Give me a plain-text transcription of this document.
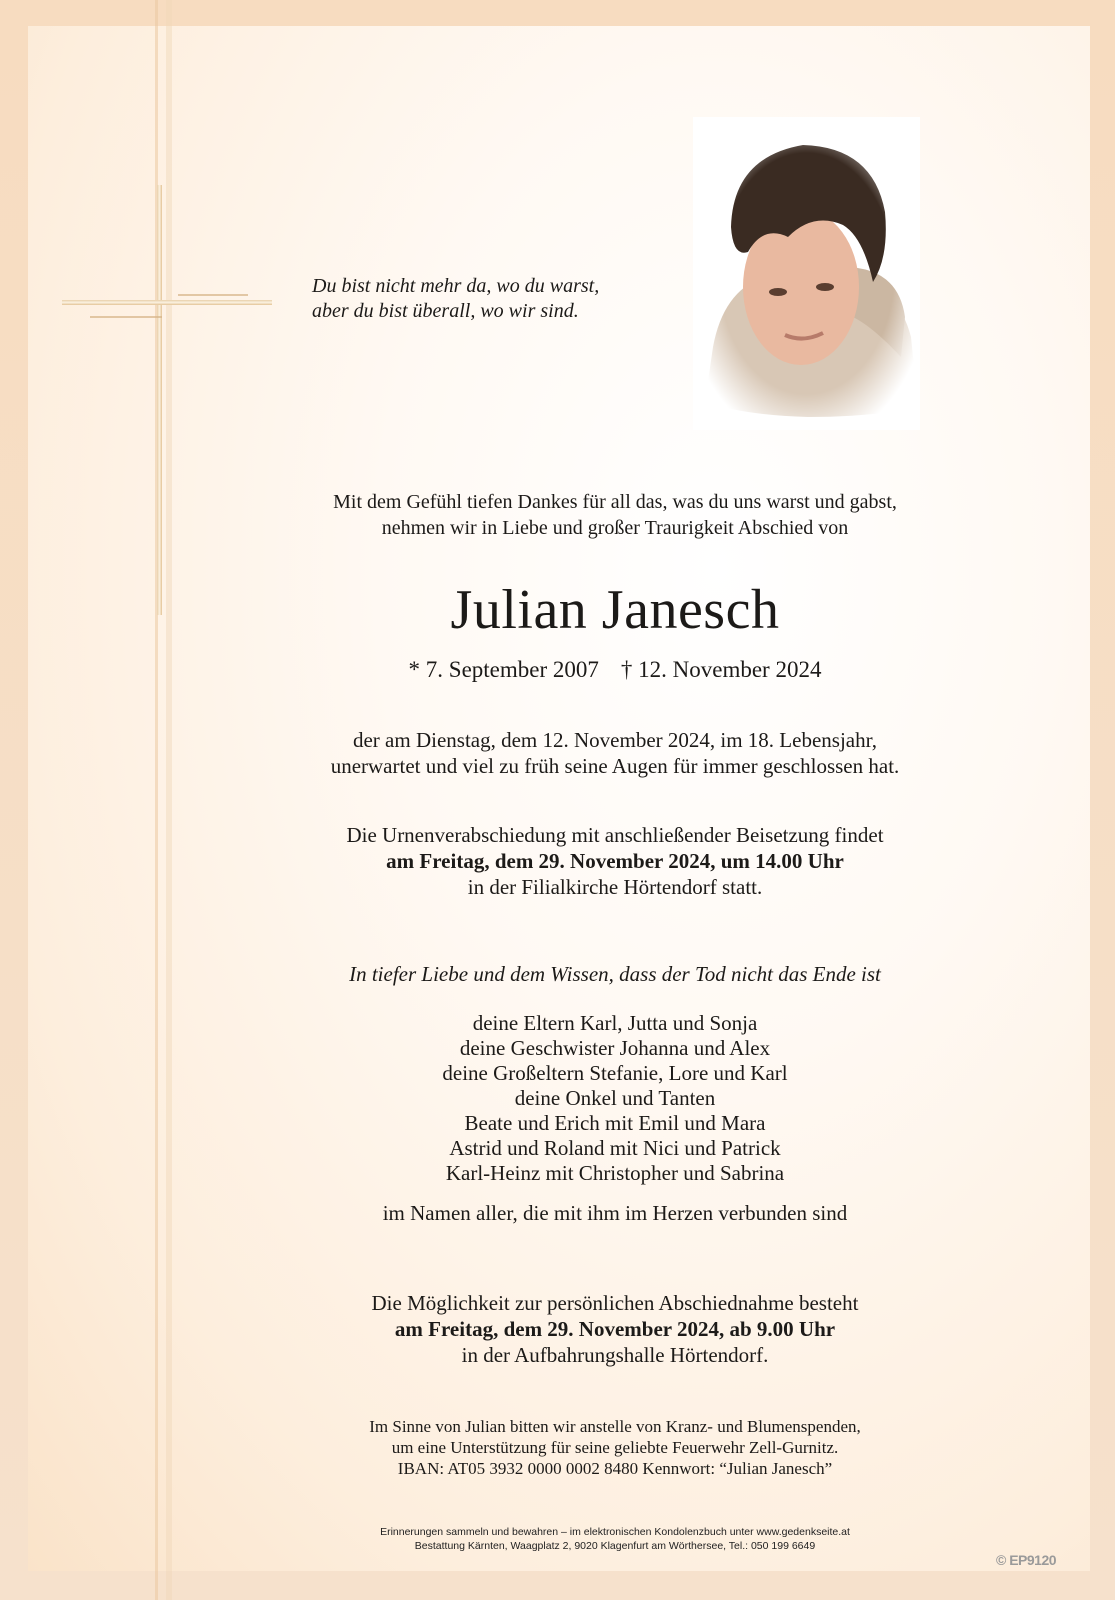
Du bist nicht mehr da, wo du warst,
aber du bist überall, wo wir sind.
Mit dem Gefühl tiefen Dankes für all das, was du uns warst und gabst,
nehmen wir in Liebe und großer Traurigkeit Abschied von
Julian Janesch
* 7. September 2007 † 12. November 2024
der am Dienstag, dem 12. November 2024, im 18. Lebensjahr,
unerwartet und viel zu früh seine Augen für immer geschlossen hat.
Die Urnenverabschiedung mit anschließender Beisetzung findet
am Freitag, dem 29. November 2024, um 14.00 Uhr
in der Filialkirche Hörtendorf statt.
In tiefer Liebe und dem Wissen, dass der Tod nicht das Ende ist
deine Eltern Karl, Jutta und Sonja
deine Geschwister Johanna und Alex
deine Großeltern Stefanie, Lore und Karl
deine Onkel und Tanten
Beate und Erich mit Emil und Mara
Astrid und Roland mit Nici und Patrick
Karl-Heinz mit Christopher und Sabrina
im Namen aller, die mit ihm im Herzen verbunden sind
Die Möglichkeit zur persönlichen Abschiednahme besteht
am Freitag, dem 29. November 2024, ab 9.00 Uhr
in der Aufbahrungshalle Hörtendorf.
Im Sinne von Julian bitten wir anstelle von Kranz- und Blumenspenden,
um eine Unterstützung für seine geliebte Feuerwehr Zell-Gurnitz.
IBAN: AT05 3932 0000 0002 8480 Kennwort: “Julian Janesch”
Erinnerungen sammeln und bewahren – im elektronischen Kondolenzbuch unter www.gedenkseite.at
Bestattung Kärnten, Waagplatz 2, 9020 Klagenfurt am Wörthersee, Tel.: 050 199 6649
© EP9120
